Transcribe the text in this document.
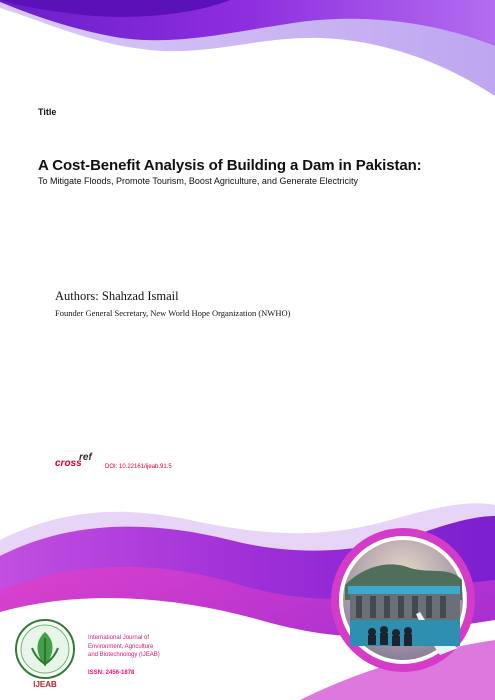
Title
A Cost-Benefit Analysis of Building a Dam in Pakistan:
To Mitigate Floods, Promote Tourism, Boost Agriculture, and Generate Electricity
Authors: Shahzad Ismail
Founder General Secretary, New World Hope Organization (NWHO)
cross
ref
DOI: 10.22161/ijeab.91.5
IJEAB
International Journal of
Environment, Agriculture
and Biotechnology (IJEAB)
ISSN: 2456-1878
